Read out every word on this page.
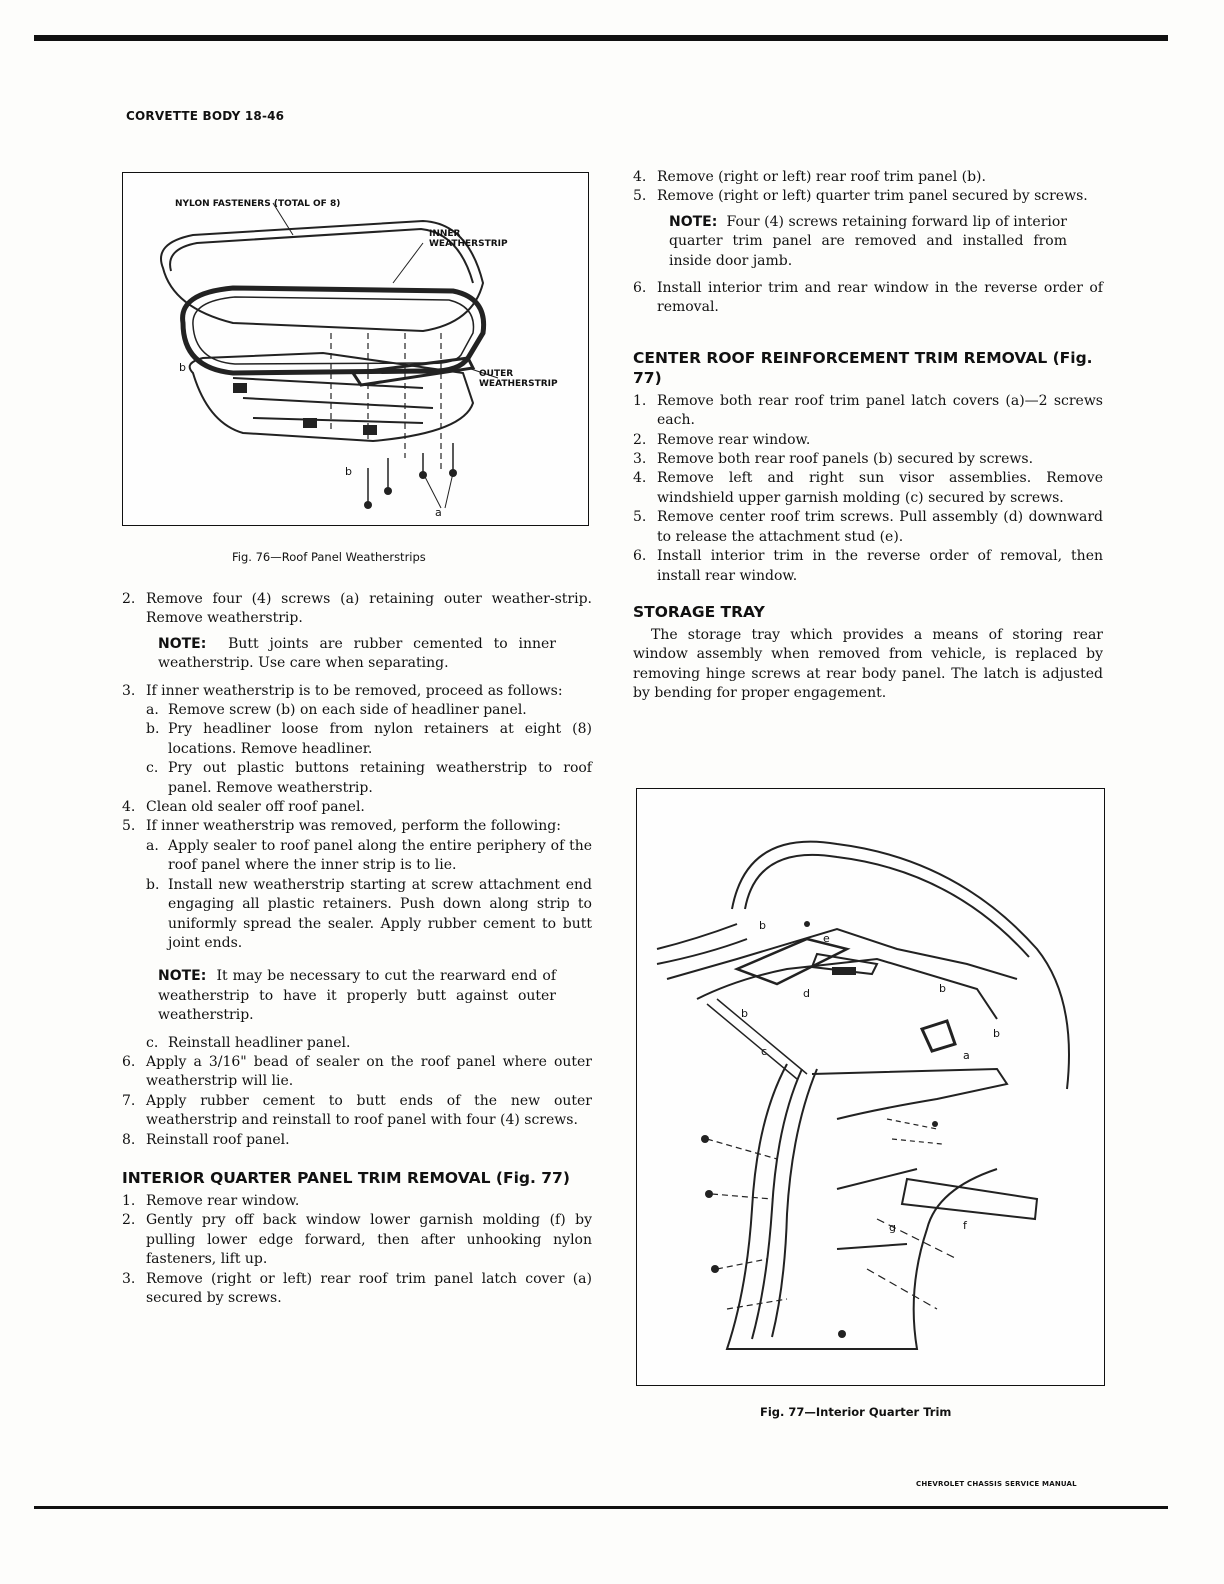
CORVETTE BODY 18-46
NYLON FASTENERS (TOTAL OF 8)
INNER
WEATHERSTRIP
OUTER
WEATHERSTRIP
b
b
a
Fig. 76—Roof Panel Weatherstrips
2. Remove four (4) screws (a) retaining outer weather-strip. Remove weatherstrip.
NOTE: Butt joints are rubber cemented to inner weatherstrip. Use care when separating.
3. If inner weatherstrip is to be removed, proceed as follows:
a. Remove screw (b) on each side of headliner panel.
b. Pry headliner loose from nylon retainers at eight (8) locations. Remove headliner.
c. Pry out plastic buttons retaining weatherstrip to roof panel. Remove weatherstrip.
4. Clean old sealer off roof panel.
5. If inner weatherstrip was removed, perform the following:
a. Apply sealer to roof panel along the entire periphery of the roof panel where the inner strip is to lie.
b. Install new weatherstrip starting at screw attachment end engaging all plastic retainers. Push down along strip to uniformly spread the sealer. Apply rubber cement to butt joint ends.
NOTE: It may be necessary to cut the rearward end of weatherstrip to have it properly butt against outer weatherstrip.
c. Reinstall headliner panel.
6. Apply a 3/16" bead of sealer on the roof panel where outer weatherstrip will lie.
7. Apply rubber cement to butt ends of the new outer weatherstrip and reinstall to roof panel with four (4) screws.
8. Reinstall roof panel.
INTERIOR QUARTER PANEL TRIM REMOVAL (Fig. 77)
1. Remove rear window.
2. Gently pry off back window lower garnish molding (f) by pulling lower edge forward, then after unhooking nylon fasteners, lift up.
3. Remove (right or left) rear roof trim panel latch cover (a) secured by screws.
4. Remove (right or left) rear roof trim panel (b).
5. Remove (right or left) quarter trim panel secured by screws.
NOTE: Four (4) screws retaining forward lip of interior quarter trim panel are removed and installed from inside door jamb.
6. Install interior trim and rear window in the reverse order of removal.
CENTER ROOF REINFORCEMENT TRIM REMOVAL (Fig. 77)
1. Remove both rear roof trim panel latch covers (a)—2 screws each.
2. Remove rear window.
3. Remove both rear roof panels (b) secured by screws.
4. Remove left and right sun visor assemblies. Remove windshield upper garnish molding (c) secured by screws.
5. Remove center roof trim screws. Pull assembly (d) downward to release the attachment stud (e).
6. Install interior trim in the reverse order of removal, then install rear window.
STORAGE TRAY
The storage tray which provides a means of storing rear window assembly when removed from vehicle, is replaced by removing hinge screws at rear body panel. The latch is adjusted by bending for proper engagement.
b
d
b
c
b
a
b
e
g	f
Fig. 77—Interior Quarter Trim
CHEVROLET CHASSIS SERVICE MANUAL
